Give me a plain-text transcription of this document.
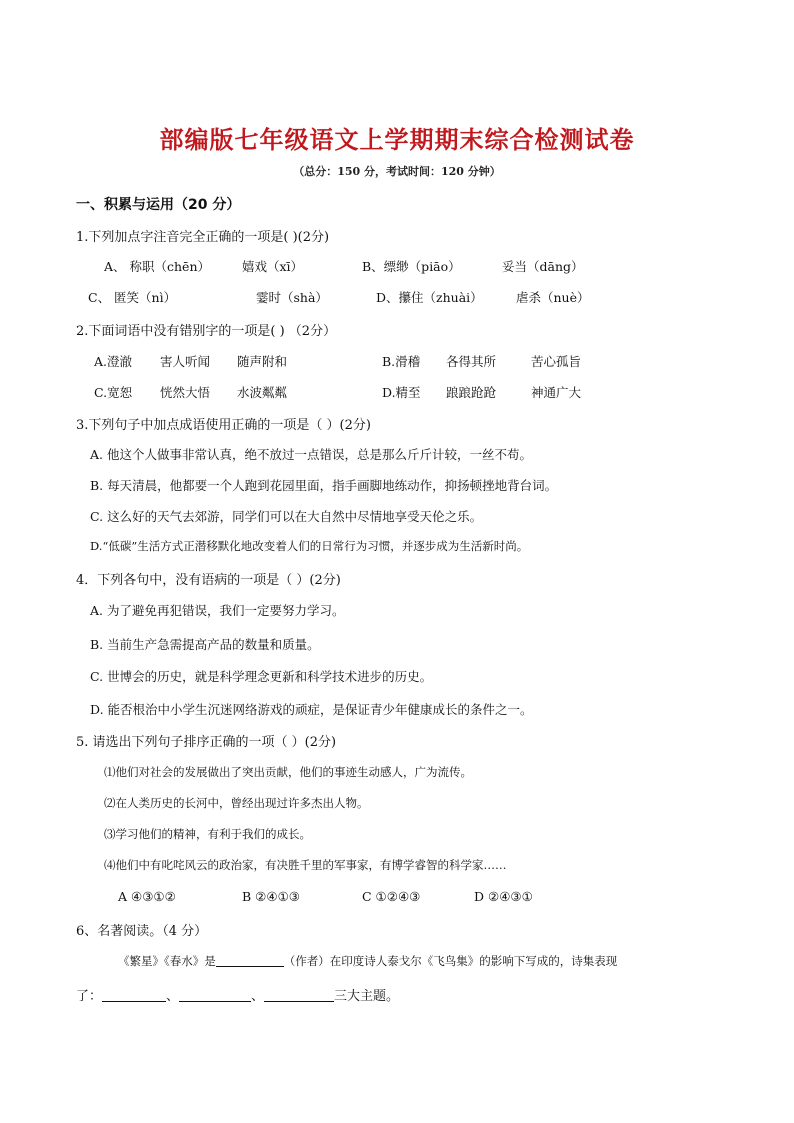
部编版七年级语文上学期期末综合检测试卷
（总分：150 分，考试时间：120 分钟）
一、积累与运用（20 分）
1.下列加点字注音完全正确的一项是( )(2分)
A、 称职（chēn）	嬉戏（xī）	B、缥缈（piāo）	妥当（dāng）
C、 匿笑（nì）	霎时（shà）	D、攥住（zhuài）	虐杀（nuè）
2.下面词语中没有错别字的一项是( ) （2分）
A.澄澈 害人听闻 随声附和	B.滑稽 各得其所	苦心孤旨
C.宽恕 恍然大悟 水波粼粼	D.精至 踉踉跄跄	神通广大
3.下列句子中加点成语使用正确的一项是（ ）(2分)
A. 他这个人做事非常认真，绝不放过一点错误，总是那么斤斤计较，一丝不苟。
B. 每天清晨，他都要一个人跑到花园里面，指手画脚地练动作，抑扬顿挫地背台词。
C. 这么好的天气去郊游，同学们可以在大自然中尽情地享受天伦之乐。
D.“低碳”生活方式正潜移默化地改变着人们的日常行为习惯，并逐步成为生活新时尚。
4．下列各句中，没有语病的一项是（ ）(2分)
A. 为了避免再犯错误，我们一定要努力学习。
B. 当前生产急需提高产品的数量和质量。
C. 世博会的历史，就是科学理念更新和科学技术进步的历史。
D. 能否根治中小学生沉迷网络游戏的顽症，是保证青少年健康成长的条件之一。
5. 请选出下列句子排序正确的一项（ ）(2分)
⑴他们对社会的发展做出了突出贡献，他们的事迹生动感人，广为流传。
⑵在人类历史的长河中，曾经出现过许多杰出人物。
⑶学习他们的精神，有利于我们的成长。
⑷他们中有叱咤风云的政治家，有决胜千里的军事家，有博学睿智的科学家……
A ④③①②	B ②④①③	C ①②④③	D ②④③①
6、名著阅读。（4 分）
《繁星》《春水》是	（作者）在印度诗人泰戈尔《飞鸟集》的影响下写成的，诗集表现
了：	、	、	三大主题。
